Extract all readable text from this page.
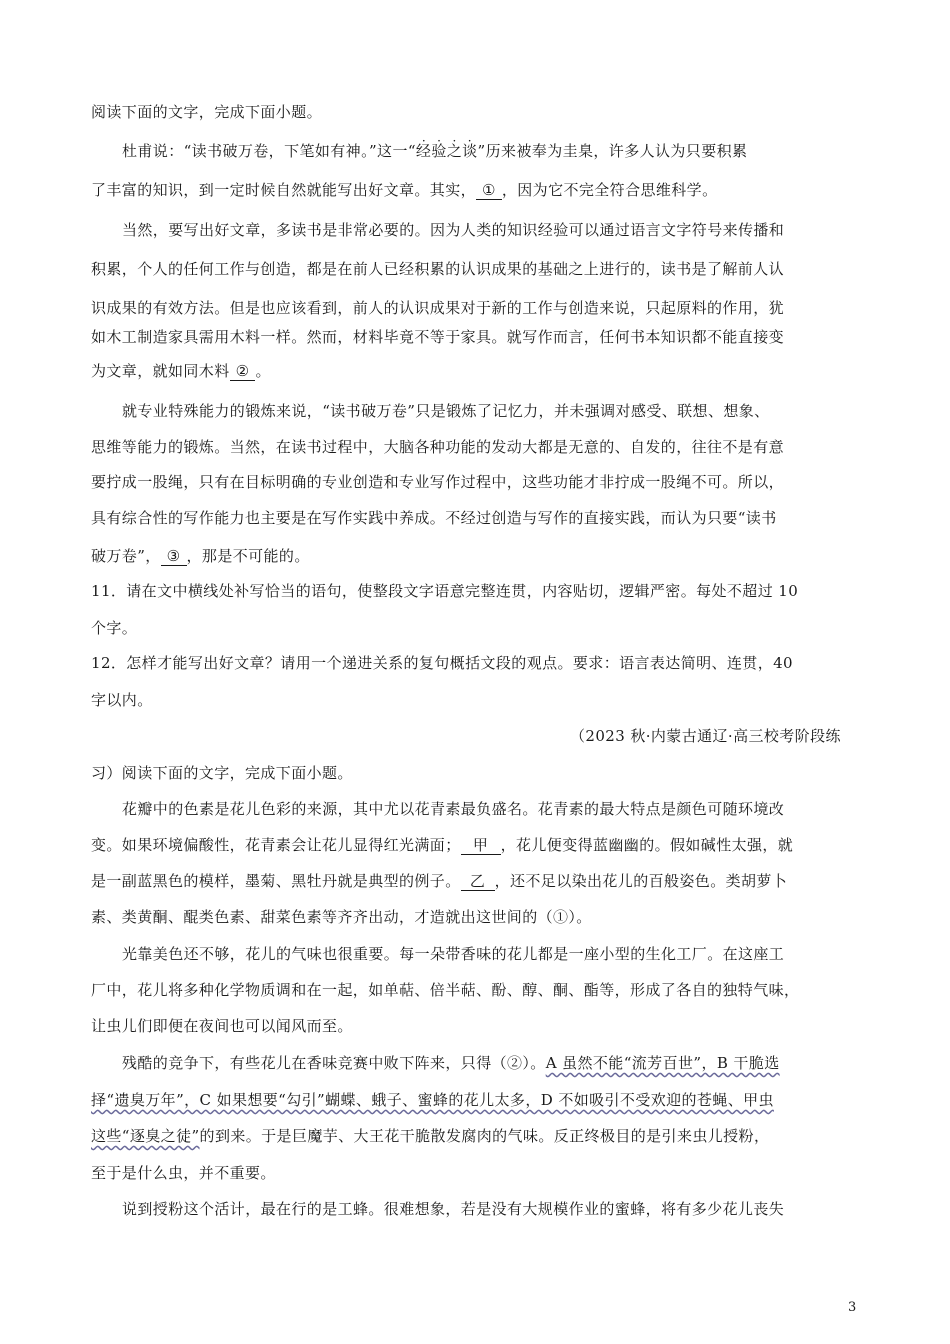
阅读下面的文字，完成下面小题。
杜甫说：“读书破万卷，下笔如有神。”这一“· · 经验之谈”历来被奉为圭臬，许多人认为只要积累
了丰富的知识，到一定时候自然就能写出好文章。其实， ① ，因为它不完全符合思维科学。
当然，要写出好文章，多读书是非常必要的。因为人类的知识经验可以通过语言文字符号来传播和
积累，个人的任何工作与创造，都是在前人已经积累的认识成果的基础之上进行的，读书是了解前人认
识成果的有效方法。但是也应该看到，前人的认识成果对于新的工作与创造来说，只起原料的作用，犹
如木工制造家具需用木料一样。然而，材料毕竟不等于家具。就写作而言，任何书本知识都不能直接变
为文章，就如同木料 ② 。
就专业特殊能力的锻炼来说，“读书破万卷”只是锻炼了记忆力，并未强调对感受、联想、想象、
思维等能力的锻炼。当然，在读书过程中，大脑各种功能的发动大都是无意的、自发的，往往不是有意
要拧成一股绳，只有在目标明确的专业创造和专业写作过程中，这些功能才非拧成一股绳不可。所以，
具有综合性的写作能力也主要是在写作实践中养成。不经过创造与写作的直接实践，而认为只要“读书
破万卷”， ③ ，那是不可能的。
11．请在文中横线处补写恰当的语句，使整段文字语意完整连贯，内容贴切，逻辑严密。每处不超过 10
个字。
12．怎样才能写出好文章？请用一个递进关系的复句概括文段的观点。要求：语言表达简明、连贯，40
字以内。
（2023 秋·内蒙古通辽·高三校考阶段练
习）阅读下面的文字，完成下面小题。
花瓣中的色素是花儿色彩的来源，其中尤以花青素最负盛名。花青素的最大特点是颜色可随环境改
变。如果环境偏酸性，花青素会让花儿显得红光满面； 甲 ，花儿便变得蓝幽幽的。假如碱性太强，就
是一副蓝黑色的模样，墨菊、黑牡丹就是典型的例子。 乙 ，还不足以染出花儿的百般姿色。类胡萝卜
素、类黄酮、醌类色素、甜菜色素等齐齐出动，才造就出这世间的（①）。
光靠美色还不够，花儿的气味也很重要。每一朵带香味的花儿都是一座小型的生化工厂。在这座工
厂中，花儿将多种化学物质调和在一起，如单萜、倍半萜、酚、醇、酮、酯等，形成了各自的独特气味，
让虫儿们即便在夜间也可以闻风而至。
残酷的竞争下，有些花儿在香味竞赛中败下阵来，只得（②）。A 虽然不能“流芳百世”，B 干脆选
择“遗臭万年”，C 如果想要“勾引”蝴蝶、蛾子、蜜蜂的花儿太多，D 不如吸引不受欢迎的苍蝇、甲虫
这些“逐臭之徒”的到来。于是巨魔芋、大王花干脆散发腐肉的气味。反正终极目的是引来虫儿授粉，
至于是什么虫，并不重要。
说到授粉这个活计，最在行的是工蜂。很难想象，若是没有大规模作业的蜜蜂，将有多少花儿丧失
3
